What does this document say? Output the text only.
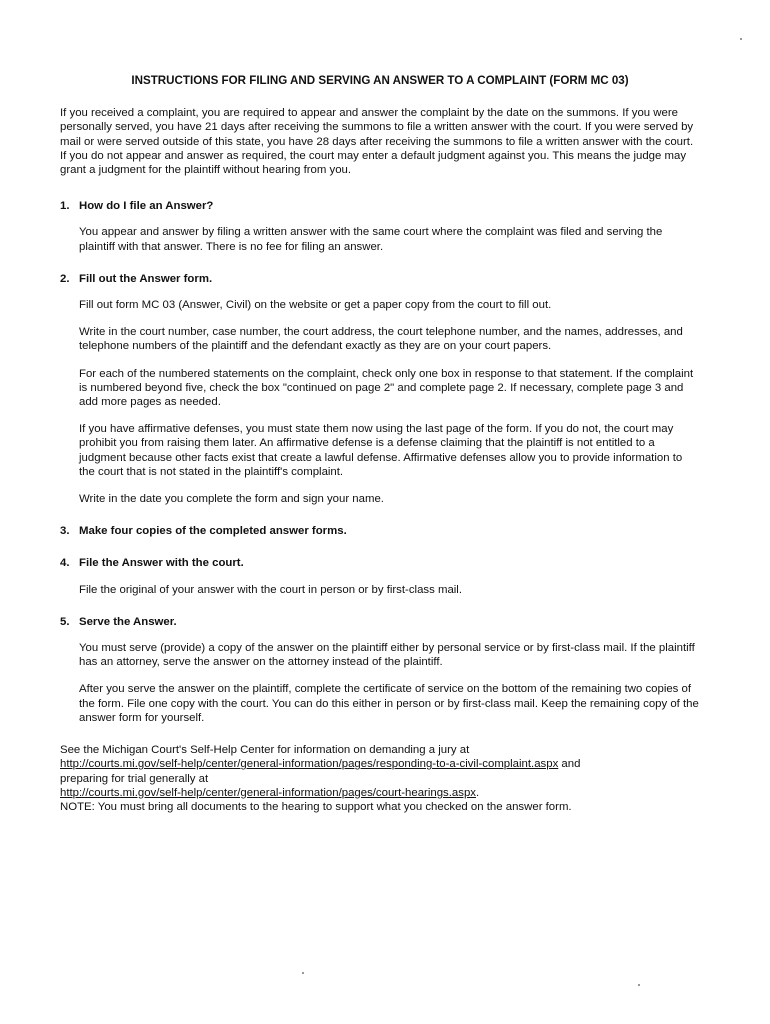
INSTRUCTIONS FOR FILING AND SERVING AN ANSWER TO A COMPLAINT (FORM MC 03)

If you received a complaint, you are required to appear and answer the complaint by the date on the summons. If you were personally served, you have 21 days after receiving the summons to file a written answer with the court. If you were served by mail or were served outside of this state, you have 28 days after receiving the summons to file a written answer with the court. If you do not appear and answer as required, the court may enter a default judgment against you. This means the judge may grant a judgment for the plaintiff without hearing from you.

1. How do I file an Answer?

You appear and answer by filing a written answer with the same court where the complaint was filed and serving the plaintiff with that answer. There is no fee for filing an answer.

2. Fill out the Answer form.

Fill out form MC 03 (Answer, Civil) on the website or get a paper copy from the court to fill out.

Write in the court number, case number, the court address, the court telephone number, and the names, addresses, and telephone numbers of the plaintiff and the defendant exactly as they are on your court papers.

For each of the numbered statements on the complaint, check only one box in response to that statement. If the complaint is numbered beyond five, check the box "continued on page 2" and complete page 2. If necessary, complete page 3 and add more pages as needed.

If you have affirmative defenses, you must state them now using the last page of the form. If you do not, the court may prohibit you from raising them later. An affirmative defense is a defense claiming that the plaintiff is not entitled to a judgment because other facts exist that create a lawful defense. Affirmative defenses allow you to provide information to the court that is not stated in the plaintiff's complaint.

Write in the date you complete the form and sign your name.

3. Make four copies of the completed answer forms.
4. File the Answer with the court.

File the original of your answer with the court in person or by first-class mail.

5. Serve the Answer.

You must serve (provide) a copy of the answer on the plaintiff either by personal service or by first-class mail. If the plaintiff has an attorney, serve the answer on the attorney instead of the plaintiff.

After you serve the answer on the plaintiff, complete the certificate of service on the bottom of the remaining two copies of the form. File one copy with the court. You can do this either in person or by first-class mail. Keep the remaining copy of the answer form for yourself.

See the Michigan Court's Self-Help Center for information on demanding a jury at
http://courts.mi.gov/self-help/center/general-information/pages/responding-to-a-civil-complaint.aspx and
preparing for trial generally at
http://courts.mi.gov/self-help/center/general-information/pages/court-hearings.aspx.
NOTE: You must bring all documents to the hearing to support what you checked on the answer form.
